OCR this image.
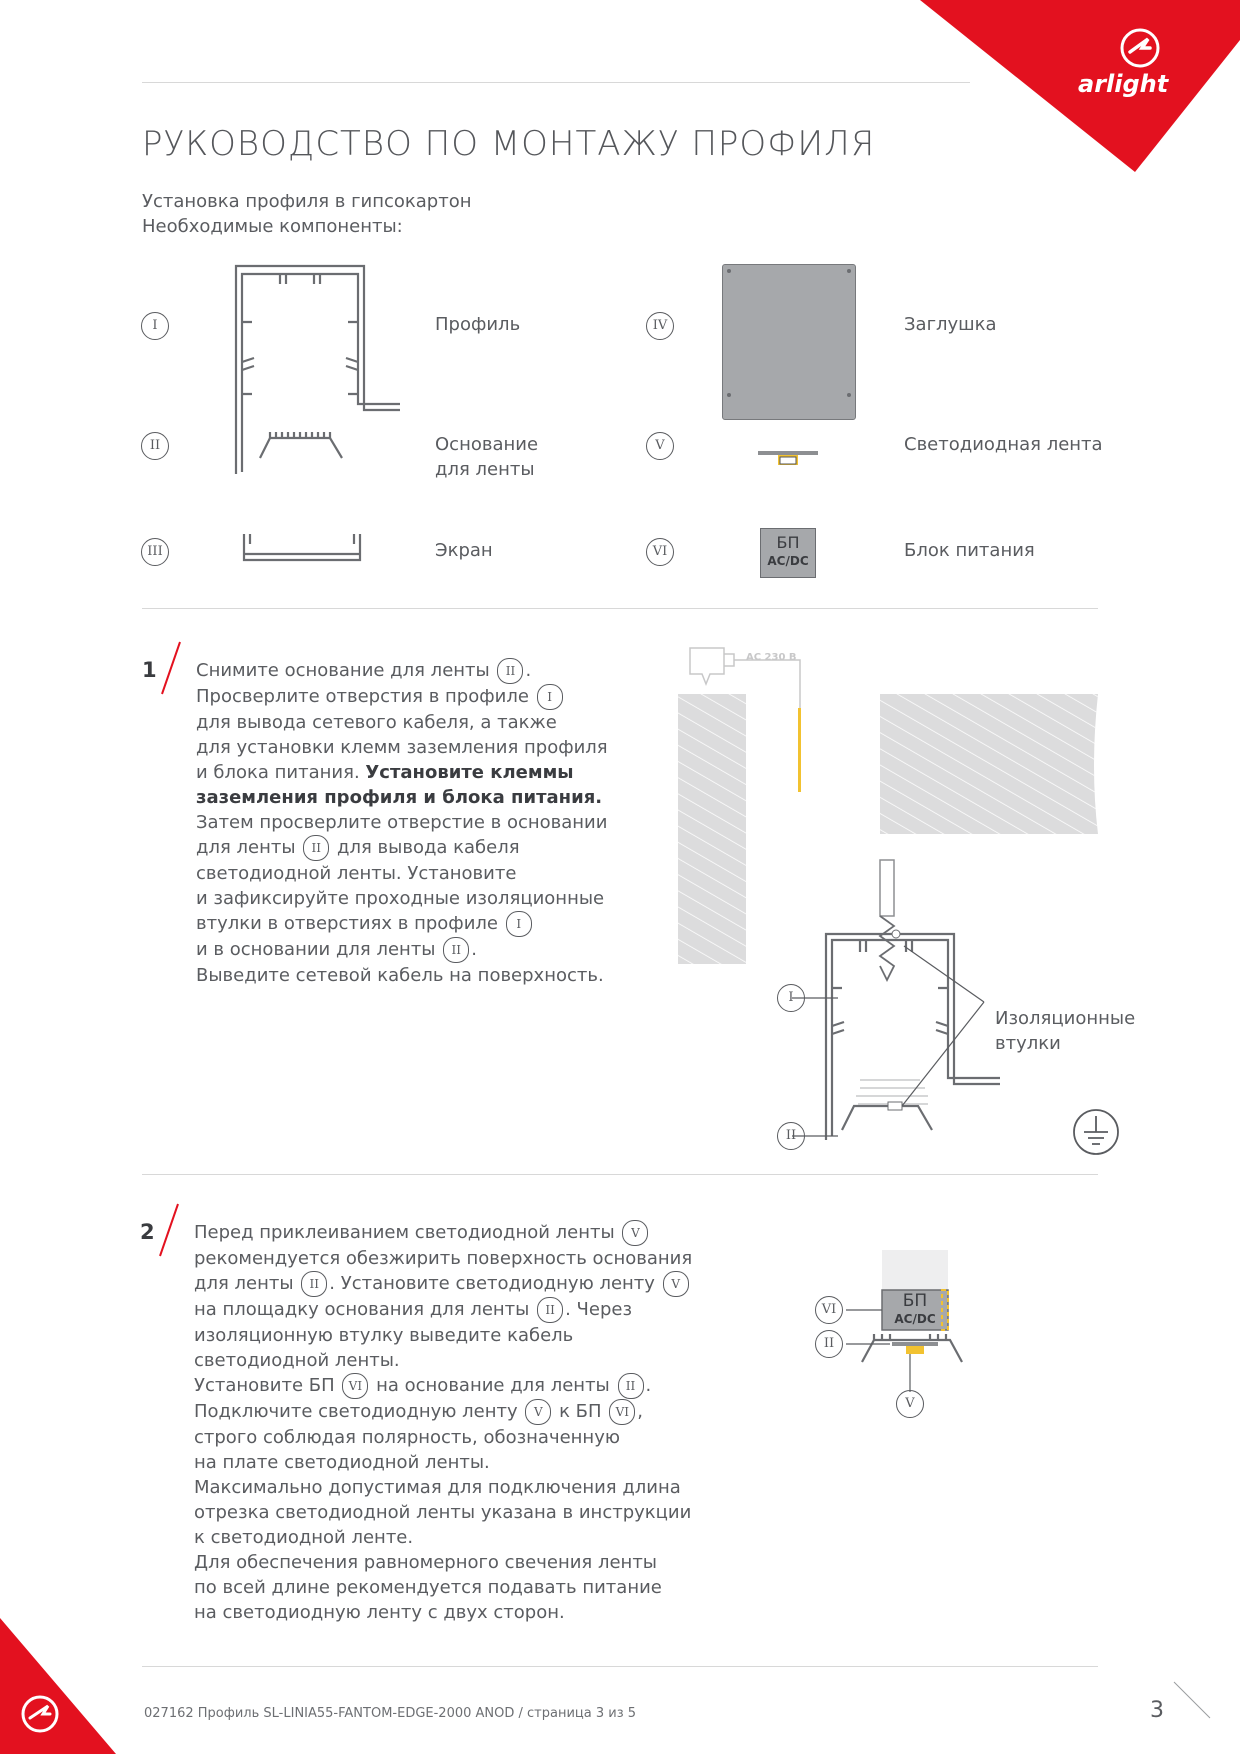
arlight
РУКОВОДСТВО ПО МОНТАЖУ ПРОФИЛЯ
Установка профиля в гипсокартон
Необходимые компоненты:
I
II
III
IV
V
VI
Профиль
Основание
для ленты
Экран
Заглушка
Светодиодная лента
Блок питания
БП
AC/DC
1 Снимите основание для ленты II .

Просверлите отверстия в профиле I

для вывода сетевого кабеля, а также

для установки клемм заземления профиля

и блока питания. Установите клеммы

заземления профиля и блока питания.

Затем просверлите отверстие в основании

для ленты II для вывода кабеля

светодиодной ленты. Установите

и зафиксируйте проходные изоляционные

втулки в отверстиях в профиле I

и в основании для ленты II .

Выведите сетевой кабель на поверхность.

AC 230 В
I
II
Изоляционные
втулки
2 Перед приклеиванием светодиодной ленты V

рекомендуется обезжирить поверхность основания

для ленты II . Установите светодиодную ленту V

на площадку основания для ленты II . Через

изоляционную втулку выведите кабель

светодиодной ленты.

Установите БП VI на основание для ленты II .

Подключите светодиодную ленту V к БП VI ,

строго соблюдая полярность, обозначенную

на плате светодиодной ленты.

Максимально допустимая для подключения длина

отрезка светодиодной ленты указана в инструкции

к светодиодной ленте.

Для обеспечения равномерного свечения ленты

по всей длине рекомендуется подавать питание

на светодиодную ленту с двух сторон.

БП
AC/DC
VI
II
V
027162 Профиль SL-LINIA55-FANTOM-EDGE-2000 ANOD / страница 3 из 5	3
